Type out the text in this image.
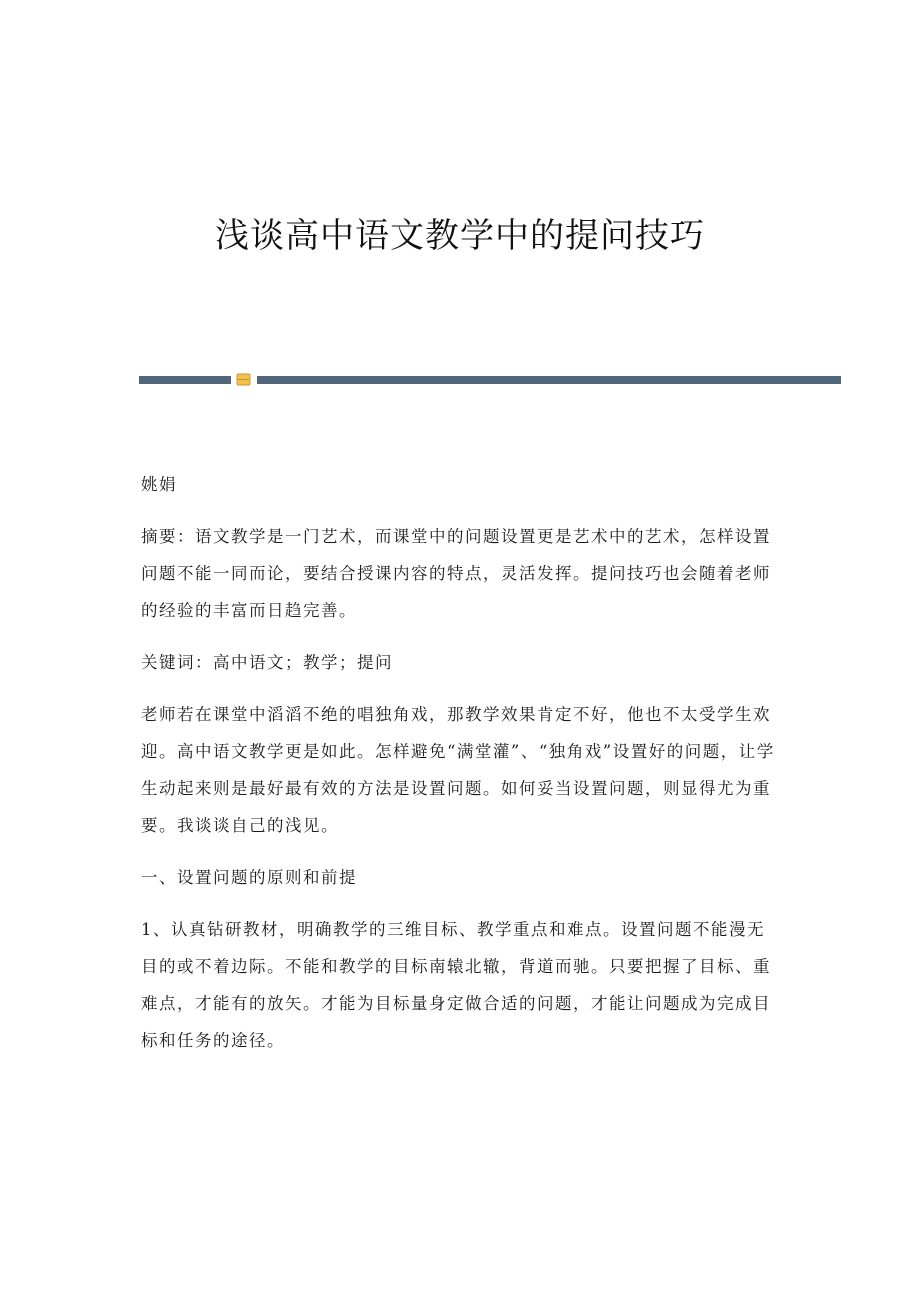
浅谈高中语文教学中的提问技巧

姚娟

摘要：语文教学是一门艺术，而课堂中的问题设置更是艺术中的艺术，怎样设置问题不能一同而论，要结合授课内容的特点，灵活发挥。提问技巧也会随着老师的经验的丰富而日趋完善。

关键词：高中语文；教学；提问

老师若在课堂中滔滔不绝的唱独角戏，那教学效果肯定不好，他也不太受学生欢迎。高中语文教学更是如此。怎样避免“满堂灌”、“独角戏”设置好的问题，让学生动起来则是最好最有效的方法是设置问题。如何妥当设置问题，则显得尤为重要。我谈谈自己的浅见。

一、设置问题的原则和前提

1、认真钻研教材，明确教学的三维目标、教学重点和难点。设置问题不能漫无目的或不着边际。不能和教学的目标南辕北辙，背道而驰。只要把握了目标、重难点，才能有的放矢。才能为目标量身定做合适的问题，才能让问题成为完成目标和任务的途径。
